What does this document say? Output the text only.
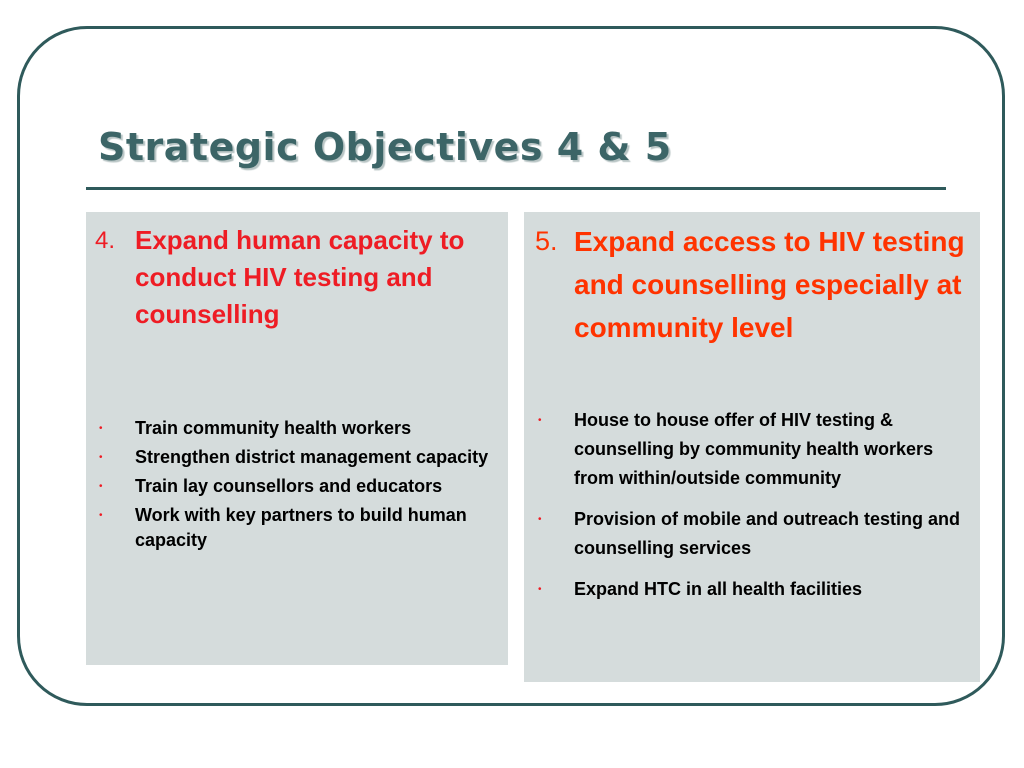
Strategic Objectives 4 & 5
4. Expand human capacity to conduct HIV testing and counselling
• Train community health workers
• Strengthen district management capacity
• Train lay counsellors and educators
• Work with key partners to build human capacity
5. Expand access to HIV testing and counselling especially at community level
• House to house offer of HIV testing & counselling by community health workers from within/outside community
• Provision of mobile and outreach testing and counselling services
• Expand HTC in all health facilities
